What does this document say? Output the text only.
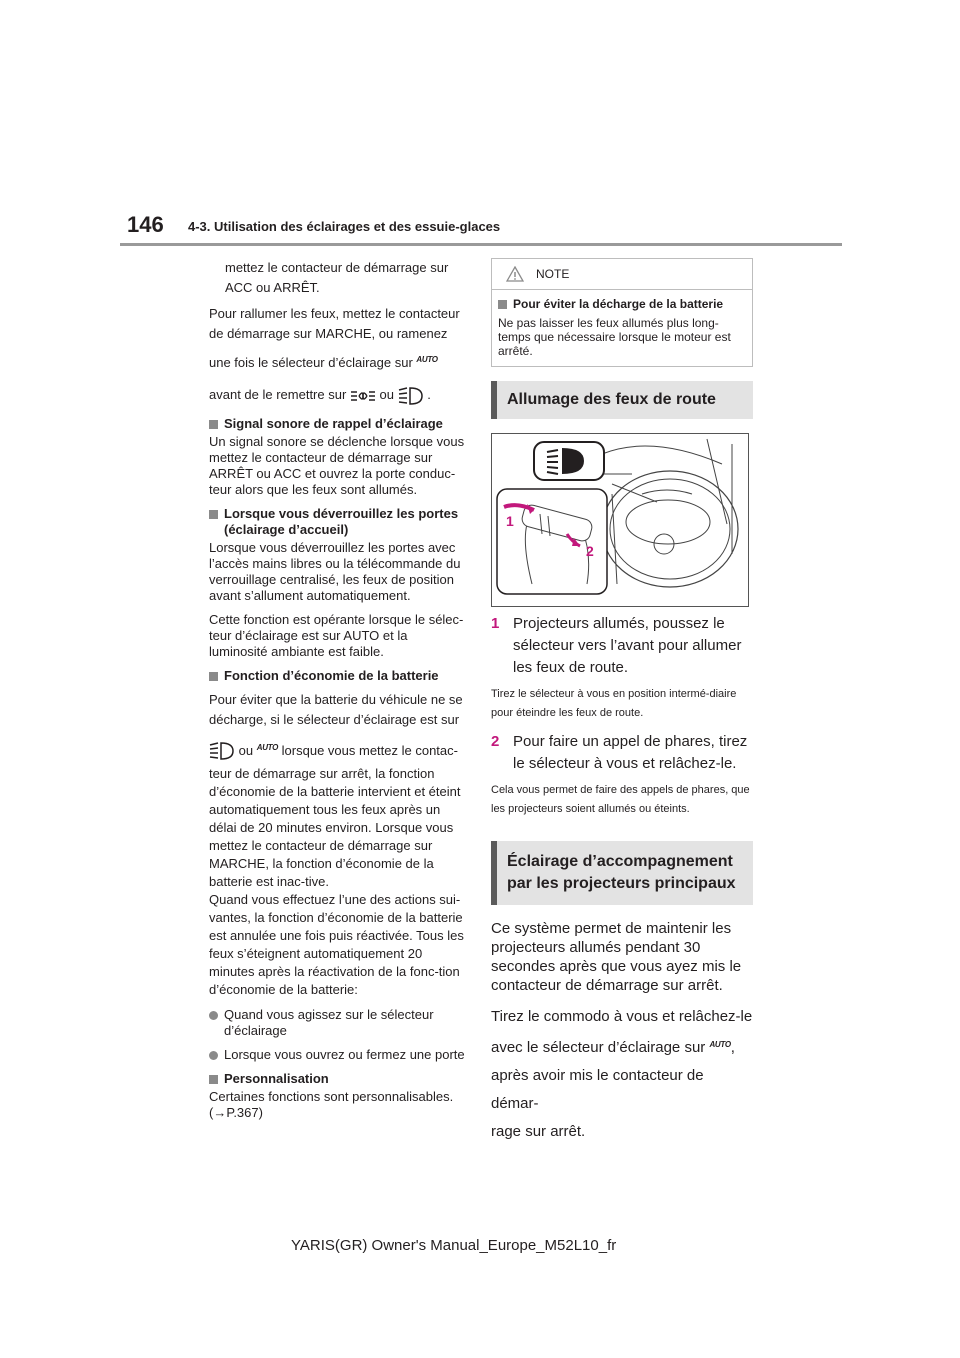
146 4-3. Utilisation des éclairages et des essuie-glaces
mettez le contacteur de démarrage sur
ACC ou ARRÊT.
Pour rallumer les feux, mettez le contacteur
de démarrage sur MARCHE, ou ramenez
une fois le sélecteur d’éclairage sur $^{AUTO}$
avant de le remettre sur	ou	.
Signal sonore de rappel d’éclairage

Un signal sonore se déclenche lorsque vous mettez le contacteur de démarrage sur ARRÊT ou ACC et ouvrez la porte conduc-teur alors que les feux sont allumés.

Lorsque vous déverrouillez les portes (éclairage d’accueil)

Lorsque vous déverrouillez les portes avec l’accès mains libres ou la télécommande du verrouillage centralisé, les feux de position avant s’allument automatiquement.

Cette fonction est opérante lorsque le sélec-teur d’éclairage est sur AUTO et la luminosité ambiante est faible.

Fonction d’économie de la batterie
Pour éviter que la batterie du véhicule ne se
décharge, si le sélecteur d’éclairage est sur
ou $^{AUTO}$ lorsque vous mettez le contac-
teur de démarrage sur arrêt, la fonction d’économie de la batterie intervient et éteint automatiquement tous les feux après un délai de 20 minutes environ. Lorsque vous mettez le contacteur de démarrage sur MARCHE, la fonction d’économie de la batterie est inac-tive.

Quand vous effectuez l’une des actions sui-vantes, la fonction d’économie de la batterie est annulée une fois puis réactivée. Tous les feux s’éteignent automatiquement 20 minutes après la réactivation de la fonc-tion d’économie de la batterie:

Quand vous agissez sur le sélecteur d’éclairage
Lorsque vous ouvrez ou fermez une porte
Personnalisation

Certaines fonctions sont personnalisables. (→P.367)

NOTE
Pour éviter la décharge de la batterie
Ne pas laisser les feux allumés plus long-temps que nécessaire lorsque le moteur est arrêté.
Allumage des feux de route
1
2
1 Projecteurs allumés, poussez le sélecteur vers l’avant pour allumer les feux de route.

Tirez le sélecteur à vous en position intermé-diaire pour éteindre les feux de route.

2 Pour faire un appel de phares, tirez le sélecteur à vous et relâchez-le.

Cela vous permet de faire des appels de phares, que les projecteurs soient allumés ou éteints.

Éclairage d’accompagnement par les projecteurs principaux

Ce système permet de maintenir les projecteurs allumés pendant 30 secondes après que vous ayez mis le contacteur de démarrage sur arrêt.

Tirez le commodo à vous et relâchez-le

avec le sélecteur d’éclairage sur $^{AUTO}$,

après avoir mis le contacteur de démar-

rage sur arrêt.

YARIS(GR) Owner's Manual_Europe_M52L10_fr
